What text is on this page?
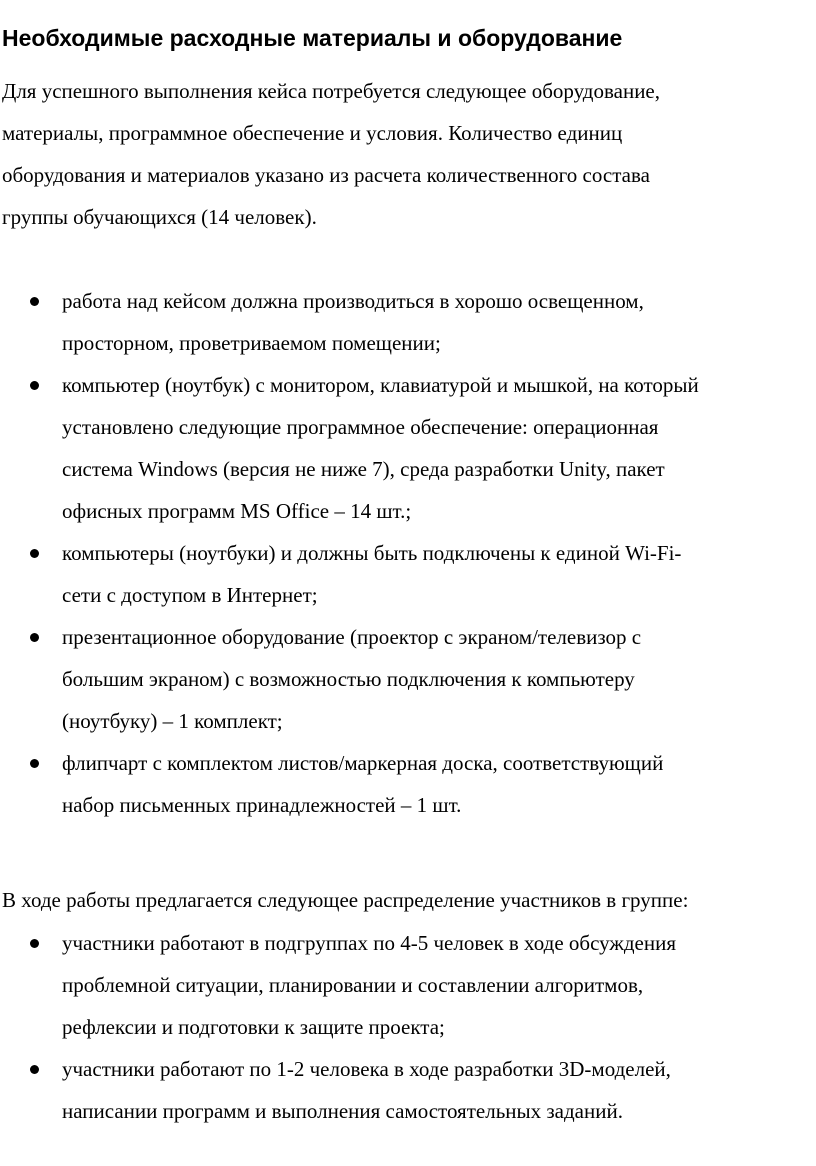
Необходимые расходные материалы и оборудование
Для успешного выполнения кейса потребуется следующее оборудование,
материалы, программное обеспечение и условия. Количество единиц
оборудования и материалов указано из расчета количественного состава
группы обучающихся (14 человек).
работа над кейсом должна производиться в хорошо освещенном,
просторном, проветриваемом помещении;
компьютер (ноутбук) с монитором, клавиатурой и мышкой, на который
установлено следующие программное обеспечение: операционная
система Windows (версия не ниже 7), среда разработки Unity, пакет
офисных программ MS Office – 14 шт.;
компьютеры (ноутбуки) и должны быть подключены к единой Wi-Fi-
сети с доступом в Интернет;
презентационное оборудование (проектор с экраном/телевизор с
большим экраном) с возможностью подключения к компьютеру
(ноутбуку) – 1 комплект;
флипчарт с комплектом листов/маркерная доска, соответствующий
набор письменных принадлежностей – 1 шт.

В ходе работы предлагается следующее распределение участников в группе:

участники работают в подгруппах по 4-5 человек в ходе обсуждения
проблемной ситуации, планировании и составлении алгоритмов,
рефлексии и подготовки к защите проекта;
участники работают по 1-2 человека в ходе разработки 3D-моделей,
написании программ и выполнения самостоятельных заданий.
